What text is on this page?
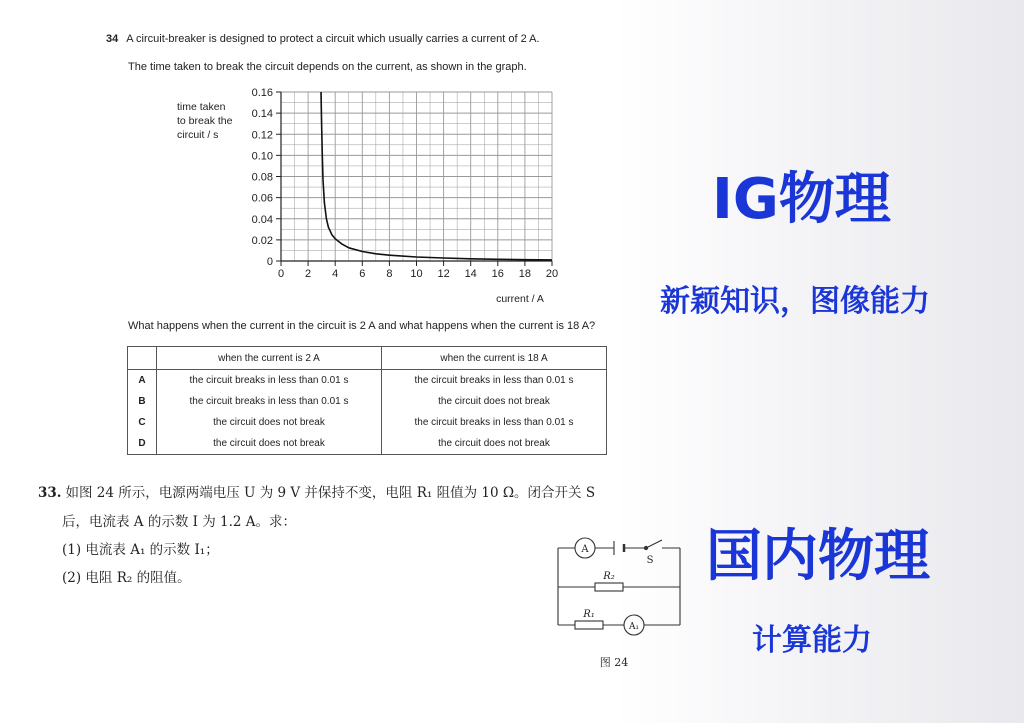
34 A circuit-breaker is designed to protect a circuit which usually carries a current of 2 A.
The time taken to break the circuit depends on the current, as shown in the graph.
time taken
to break the
circuit / s
0
0.02
0.04
0.06
0.08
0.10
0.12
0.14
0.16
0 2 4 6 8 10 12 14 16 18 20
current / A
What happens when the current in the circuit is 2 A and what happens when the current is 18 A?
	when the current is 2 A	when the current is 18 A
A	the circuit breaks in less than 0.01 s	the circuit breaks in less than 0.01 s
B	the circuit breaks in less than 0.01 s	the circuit does not break
C	the circuit does not break	the circuit breaks in less than 0.01 s
D	the circuit does not break	the circuit does not break
33. 如图 24 所示，电源两端电压 U 为 9 V 并保持不变，电阻 R₁ 阻值为 10 Ω。闭合开关 S
后，电流表 A 的示数 I 为 1.2 A。求：
(1) 电流表 A₁ 的示数 I₁；
(2) 电阻 R₂ 的阻值。
A
A₁
S
R₂
R₁
图 24
IG物理
新颖知识，图像能力
国内物理
计算能力
